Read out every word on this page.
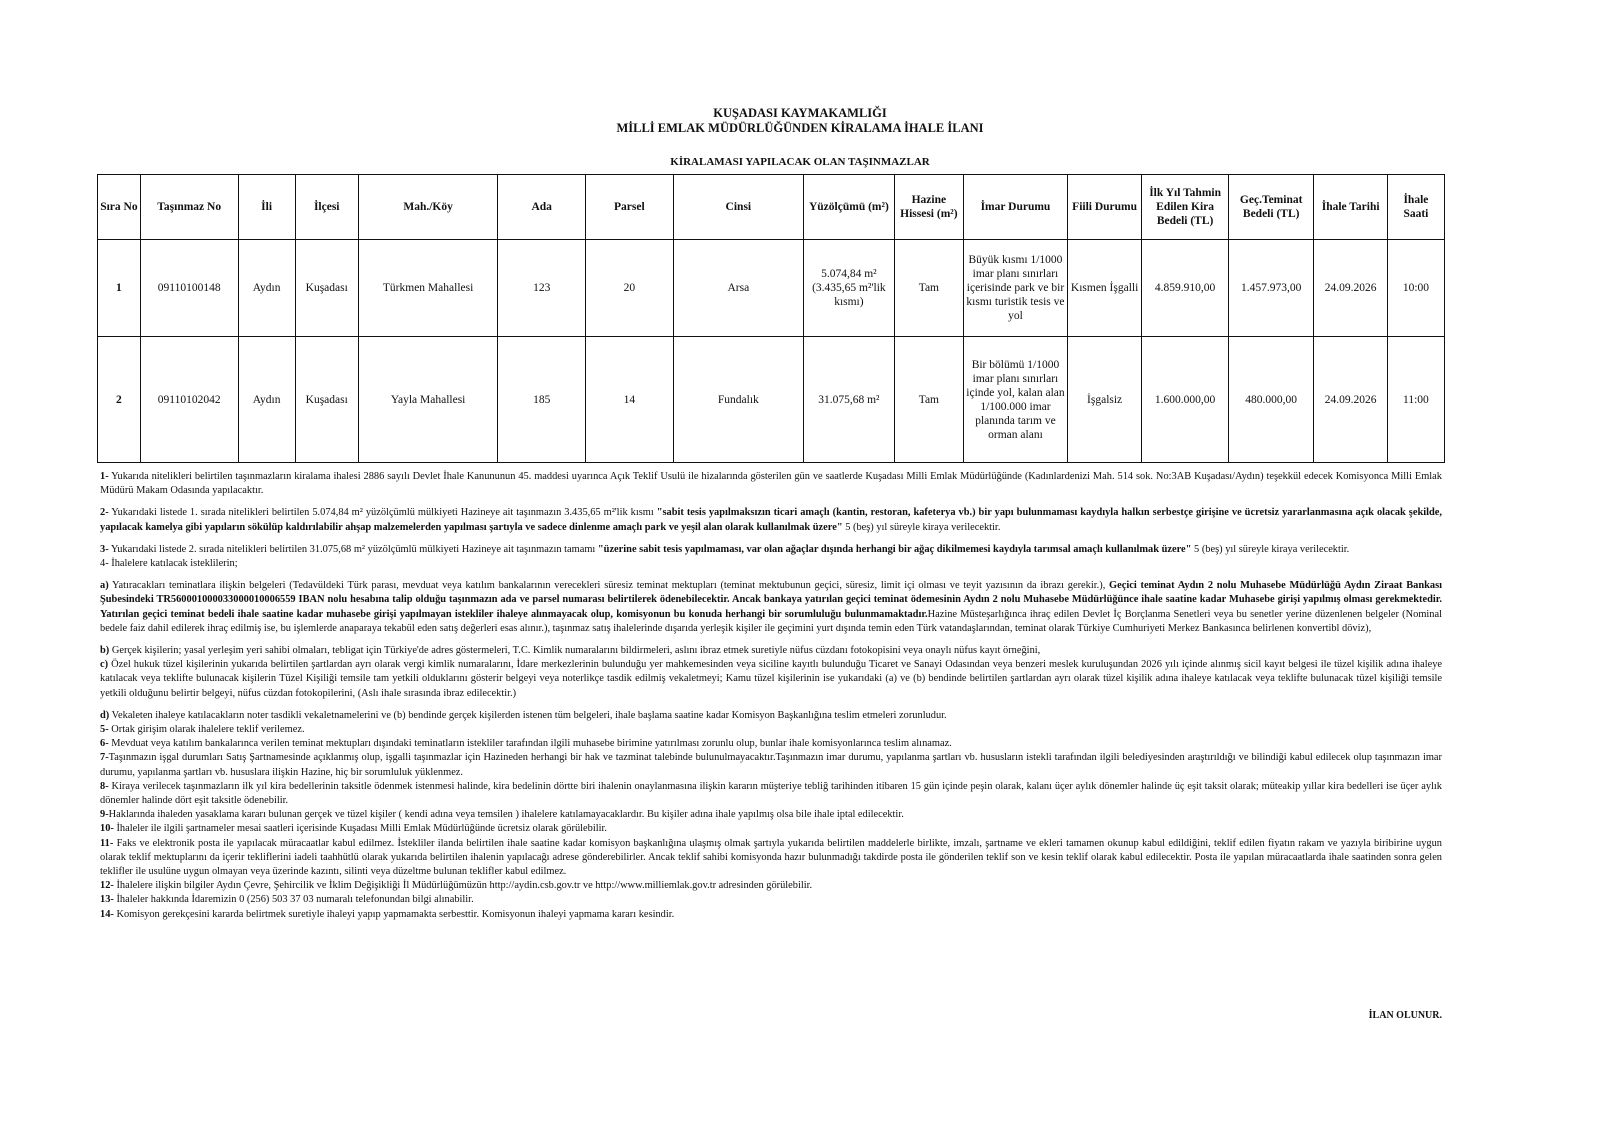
KUŞADASI KAYMAKAMLIĞI
MİLLİ EMLAK MÜDÜRLÜĞÜNDEN KİRALAMA İHALE İLANI
KİRALAMASI YAPILACAK OLAN TAŞINMAZLAR
Sıra No	Taşınmaz No	İli	İlçesi	Mah./Köy	Ada	Parsel	Cinsi	Yüzölçümü (m²)	Hazine Hissesi (m²)	İmar Durumu	Fiili Durumu	İlk Yıl Tahmin Edilen Kira Bedeli (TL)	Geç.Teminat Bedeli (TL)	İhale Tarihi	İhale Saati
1	09110100148	Aydın	Kuşadası	Türkmen Mahallesi	123	20	Arsa	5.074,84 m² (3.435,65 m²'lik kısmı)	Tam	Büyük kısmı 1/1000 imar planı sınırları içerisinde park ve bir kısmı turistik tesis ve yol	Kısmen İşgalli	4.859.910,00	1.457.973,00	24.09.2026	10:00
2	09110102042	Aydın	Kuşadası	Yayla Mahallesi	185	14	Fundalık	31.075,68 m²	Tam	Bir bölümü 1/1000 imar planı sınırları içinde yol, kalan alan 1/100.000 imar planında tarım ve orman alanı	İşgalsiz	1.600.000,00	480.000,00	24.09.2026	11:00

1- Yukarıda nitelikleri belirtilen taşınmazların kiralama ihalesi 2886 sayılı Devlet İhale Kanununun 45. maddesi uyarınca Açık Teklif Usulü ile hizalarında gösterilen gün ve saatlerde Kuşadası Milli Emlak Müdürlüğünde (Kadınlardenizi Mah. 514 sok. No:3AB Kuşadası/Aydın) teşekkül edecek Komisyonca Milli Emlak Müdürü Makam Odasında yapılacaktır.

2- Yukarıdaki listede 1. sırada nitelikleri belirtilen 5.074,84 m² yüzölçümlü mülkiyeti Hazineye ait taşınmazın 3.435,65 m²'lik kısmı "sabit tesis yapılmaksızın ticari amaçlı (kantin, restoran, kafeterya vb.) bir yapı bulunmaması kaydıyla halkın serbestçe girişine ve ücretsiz yararlanmasına açık olacak şekilde, yapılacak kamelya gibi yapıların sökülüp kaldırılabilir ahşap malzemelerden yapılması şartıyla ve sadece dinlenme amaçlı park ve yeşil alan olarak kullanılmak üzere" 5 (beş) yıl süreyle kiraya verilecektir.

3- Yukarıdaki listede 2. sırada nitelikleri belirtilen 31.075,68 m² yüzölçümlü mülkiyeti Hazineye ait taşınmazın tamamı "üzerine sabit tesis yapılmaması, var olan ağaçlar dışında herhangi bir ağaç dikilmemesi kaydıyla tarımsal amaçlı kullanılmak üzere" 5 (beş) yıl süreyle kiraya verilecektir.

4- İhalelere katılacak isteklilerin;

a) Yatıracakları teminatlara ilişkin belgeleri (Tedavüldeki Türk parası, mevduat veya katılım bankalarının verecekleri süresiz teminat mektupları (teminat mektubunun geçici, süresiz, limit içi olması ve teyit yazısının da ibrazı gerekir.), Geçici teminat Aydın 2 nolu Muhasebe Müdürlüğü Aydın Ziraat Bankası Şubesindeki TR560001000033000010006559 IBAN nolu hesabına talip olduğu taşınmazın ada ve parsel numarası belirtilerek ödenebilecektir. Ancak bankaya yatırılan geçici teminat ödemesinin Aydın 2 nolu Muhasebe Müdürlüğünce ihale saatine kadar Muhasebe girişi yapılmış olması gerekmektedir. Yatırılan geçici teminat bedeli ihale saatine kadar muhasebe girişi yapılmayan istekliler ihaleye alınmayacak olup, komisyonun bu konuda herhangi bir sorumluluğu bulunmamaktadır.Hazine Müsteşarlığınca ihraç edilen Devlet İç Borçlanma Senetleri veya bu senetler yerine düzenlenen belgeler (Nominal bedele faiz dahil edilerek ihraç edilmiş ise, bu işlemlerde anaparaya tekabül eden satış değerleri esas alınır.), taşınmaz satış ihalelerinde dışarıda yerleşik kişiler ile geçimini yurt dışında temin eden Türk vatandaşlarından, teminat olarak Türkiye Cumhuriyeti Merkez Bankasınca belirlenen konvertibl döviz),

b) Gerçek kişilerin; yasal yerleşim yeri sahibi olmaları, tebligat için Türkiye'de adres göstermeleri, T.C. Kimlik numaralarını bildirmeleri, aslını ibraz etmek suretiyle nüfus cüzdanı fotokopisini veya onaylı nüfus kayıt örneğini,

c) Özel hukuk tüzel kişilerinin yukarıda belirtilen şartlardan ayrı olarak vergi kimlik numaralarını, İdare merkezlerinin bulunduğu yer mahkemesinden veya siciline kayıtlı bulunduğu Ticaret ve Sanayi Odasından veya benzeri meslek kuruluşundan 2026 yılı içinde alınmış sicil kayıt belgesi ile tüzel kişilik adına ihaleye katılacak veya teklifte bulunacak kişilerin Tüzel Kişiliği temsile tam yetkili olduklarını gösterir belgeyi veya noterlikçe tasdik edilmiş vekaletmeyi; Kamu tüzel kişilerinin ise yukarıdaki (a) ve (b) bendinde belirtilen şartlardan ayrı olarak tüzel kişilik adına ihaleye katılacak veya teklifte bulunacak tüzel kişiliği temsile yetkili olduğunu belirtir belgeyi, nüfus cüzdan fotokopilerini, (Aslı ihale sırasında ibraz edilecektir.)

d) Vekaleten ihaleye katılacakların noter tasdikli vekaletnamelerini ve (b) bendinde gerçek kişilerden istenen tüm belgeleri, ihale başlama saatine kadar Komisyon Başkanlığına teslim etmeleri zorunludur.

5- Ortak girişim olarak ihalelere teklif verilemez.

6- Mevduat veya katılım bankalarınca verilen teminat mektupları dışındaki teminatların istekliler tarafından ilgili muhasebe birimine yatırılması zorunlu olup, bunlar ihale komisyonlarınca teslim alınamaz.

7-Taşınmazın işgal durumları Satış Şartnamesinde açıklanmış olup, işgalli taşınmazlar için Hazineden herhangi bir hak ve tazminat talebinde bulunulmayacaktır.Taşınmazın imar durumu, yapılanma şartları vb. hususların istekli tarafından ilgili belediyesinden araştırıldığı ve bilindiği kabul edilecek olup taşınmazın imar durumu, yapılanma şartları vb. hususlara ilişkin Hazine, hiç bir sorumluluk yüklenmez.

8- Kiraya verilecek taşınmazların ilk yıl kira bedellerinin taksitle ödenmek istenmesi halinde, kira bedelinin dörtte biri ihalenin onaylanmasına ilişkin kararın müşteriye tebliğ tarihinden itibaren 15 gün içinde peşin olarak, kalanı üçer aylık dönemler halinde üç eşit taksit olarak; müteakip yıllar kira bedelleri ise üçer aylık dönemler halinde dört eşit taksitle ödenebilir.

9-Haklarında ihaleden yasaklama kararı bulunan gerçek ve tüzel kişiler ( kendi adına veya temsilen ) ihalelere katılamayacaklardır. Bu kişiler adına ihale yapılmış olsa bile ihale iptal edilecektir.

10- İhaleler ile ilgili şartnameler mesai saatleri içerisinde Kuşadası Milli Emlak Müdürlüğünde ücretsiz olarak görülebilir.

11- Faks ve elektronik posta ile yapılacak müracaatlar kabul edilmez. İstekliler ilanda belirtilen ihale saatine kadar komisyon başkanlığına ulaşmış olmak şartıyla yukarıda belirtilen maddelerle birlikte, imzalı, şartname ve ekleri tamamen okunup kabul edildiğini, teklif edilen fiyatın rakam ve yazıyla biribirine uygun olarak teklif mektuplarını da içerir tekliflerini iadeli taahhütlü olarak yukarıda belirtilen ihalenin yapılacağı adrese gönderebilirler. Ancak teklif sahibi komisyonda hazır bulunmadığı takdirde posta ile gönderilen teklif son ve kesin teklif olarak kabul edilecektir. Posta ile yapılan müracaatlarda ihale saatinden sonra gelen teklifler ile usulüne uygun olmayan veya üzerinde kazıntı, silinti veya düzeltme bulunan teklifler kabul edilmez.

12- İhalelere ilişkin bilgiler Aydın Çevre, Şehircilik ve İklim Değişikliği İl Müdürlüğümüzün http://aydin.csb.gov.tr ve http://www.milliemlak.gov.tr adresinden görülebilir.

13- İhaleler hakkında İdaremizin 0 (256) 503 37 03 numaralı telefonundan bilgi alınabilir.

14- Komisyon gerekçesini kararda belirtmek suretiyle ihaleyi yapıp yapmamakta serbesttir. Komisyonun ihaleyi yapmama kararı kesindir.

İLAN OLUNUR.
